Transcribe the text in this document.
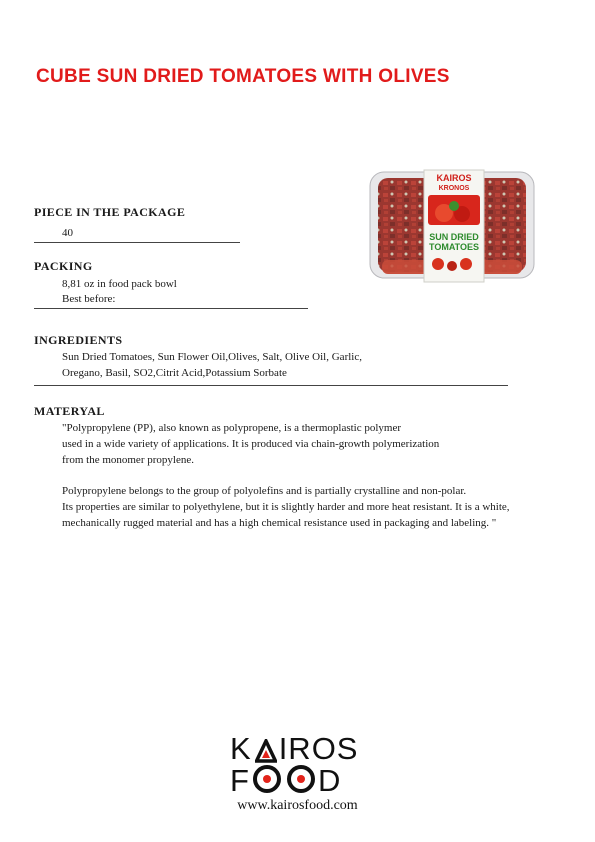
CUBE SUN DRIED TOMATOES WITH OLIVES
KAIROS
KRONOS
SUN DRIED
TOMATOES
PIECE IN THE PACKAGE
40
PACKING
8,81 oz in food pack bowl
Best before:
INGREDIENTS
Sun Dried Tomatoes, Sun Flower Oil,Olives, Salt, Olive Oil, Garlic,
Oregano, Basil, SO2,Citrit Acid,Potassium Sorbate
MATERYAL
"Polypropylene (PP), also known as polypropene, is a thermoplastic polymer
used in a wide variety of applications. It is produced via chain-growth polymerization
from the monomer propylene.
Polypropylene belongs to the group of polyolefins and is partially crystalline and non-polar.
Its properties are similar to polyethylene, but it is slightly harder and more heat resistant. It is a white,
mechanically rugged material and has a high chemical resistance used in packaging and labeling. "
K IROS
F D
www.kairosfood.com
